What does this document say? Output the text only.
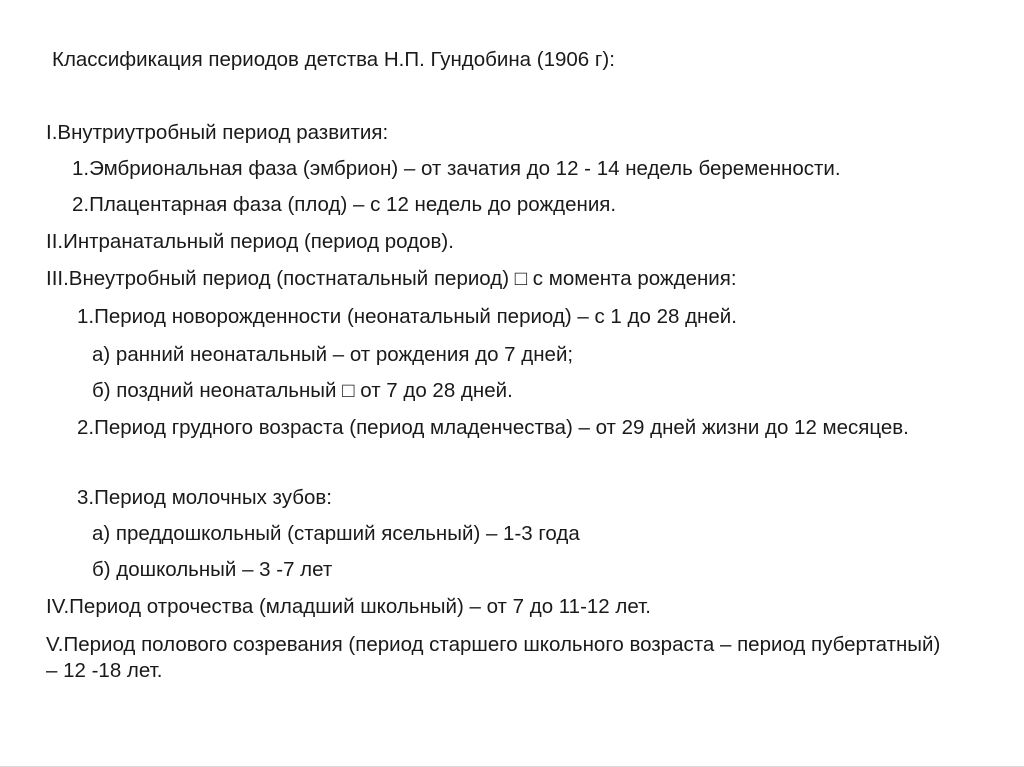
Классификация периодов детства Н.П. Гундобина (1906 г):
I.Внутриутробный период развития:
1.Эмбриональная фаза (эмбрион) – от зачатия до 12 - 14 недель беременности.
2.Плацентарная фаза (плод) – с 12 недель до рождения.
II.Интранатальный период (период родов).
III.Внеутробный период (постнатальный период) □ с момента рождения:
1.Период новорожденности (неонатальный период) – с 1 до 28 дней.
а) ранний неонатальный – от рождения до 7 дней;
б) поздний неонатальный □ от 7 до 28 дней.
2.Период грудного возраста (период младенчества) – от 29 дней жизни до 12 месяцев.
3.Период молочных зубов:
а) преддошкольный (старший ясельный) – 1-3 года
б) дошкольный – 3 -7 лет
IV.Период отрочества (младший школьный) – от 7 до 11-12 лет.
V.Период полового созревания (период старшего школьного возраста – период пубертатный) – 12 -18 лет.
